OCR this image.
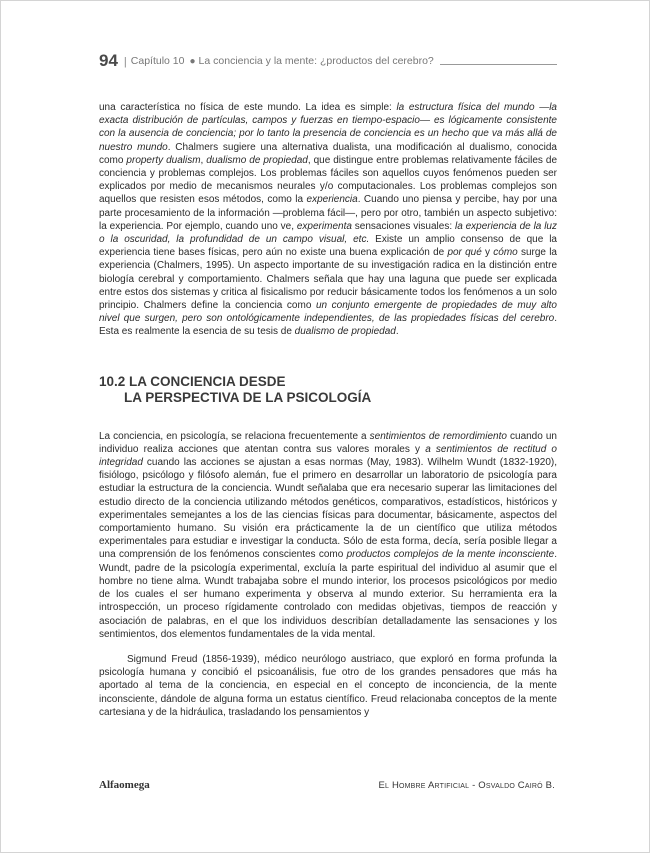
94 | Capítulo 10 ● La conciencia y la mente: ¿productos del cerebro?

una característica no física de este mundo. La idea es simple: la estructura física del mundo —la exacta distribución de partículas, campos y fuerzas en tiempo-espacio— es lógicamente consistente con la ausencia de conciencia; por lo tanto la presencia de conciencia es un hecho que va más allá de nuestro mundo. Chalmers sugiere una alternativa dualista, una modificación al dualismo, conocida como property dualism, dualismo de propiedad, que distingue entre problemas relativamente fáciles de conciencia y problemas complejos. Los problemas fáciles son aquellos cuyos fenómenos pueden ser explicados por medio de mecanismos neurales y/o computacionales. Los problemas complejos son aquellos que resisten esos métodos, como la experiencia. Cuando uno piensa y percibe, hay por una parte procesamiento de la información —problema fácil—, pero por otro, también un aspecto subjetivo: la experiencia. Por ejemplo, cuando uno ve, experimenta sensaciones visuales: la experiencia de la luz o la oscuridad, la profundidad de un campo visual, etc. Existe un amplio consenso de que la experiencia tiene bases físicas, pero aún no existe una buena explicación de por qué y cómo surge la experiencia (Chalmers, 1995). Un aspecto importante de su investigación radica en la distinción entre biología cerebral y comportamiento. Chalmers señala que hay una laguna que puede ser explicada entre estos dos sistemas y critica al fisicalismo por reducir básicamente todos los fenómenos a un solo principio. Chalmers define la conciencia como un conjunto emergente de propiedades de muy alto nivel que surgen, pero son ontológicamente independientes, de las propiedades físicas del cerebro. Esta es realmente la esencia de su tesis de dualismo de propiedad.

10.2 LA CONCIENCIA DESDE
LA PERSPECTIVA DE LA PSICOLOGÍA

La conciencia, en psicología, se relaciona frecuentemente a sentimientos de remordimiento cuando un individuo realiza acciones que atentan contra sus valores morales y a sentimientos de rectitud o integridad cuando las acciones se ajustan a esas normas (May, 1983). Wilhelm Wundt (1832-1920), fisiólogo, psicólogo y filósofo alemán, fue el primero en desarrollar un laboratorio de psicología para estudiar la estructura de la conciencia. Wundt señalaba que era necesario superar las limitaciones del estudio directo de la conciencia utilizando métodos genéticos, comparativos, estadísticos, históricos y experimentales semejantes a los de las ciencias físicas para documentar, básicamente, aspectos del comportamiento humano. Su visión era prácticamente la de un científico que utiliza métodos experimentales para estudiar e investigar la conducta. Sólo de esta forma, decía, sería posible llegar a una comprensión de los fenómenos conscientes como productos complejos de la mente inconsciente. Wundt, padre de la psicología experimental, excluía la parte espiritual del individuo al asumir que el hombre no tiene alma. Wundt trabajaba sobre el mundo interior, los procesos psicológicos por medio de los cuales el ser humano experimenta y observa al mundo exterior. Su herramienta era la introspección, un proceso rígidamente controlado con medidas objetivas, tiempos de reacción y asociación de palabras, en el que los individuos describían detalladamente las sensaciones y los sentimientos, dos elementos fundamentales de la vida mental.

Sigmund Freud (1856-1939), médico neurólogo austriaco, que exploró en forma profunda la psicología humana y concibió el psicoanálisis, fue otro de los grandes pensadores que más ha aportado al tema de la conciencia, en especial en el concepto de inconciencia, de la mente inconsciente, dándole de alguna forma un estatus científico. Freud relacionaba conceptos de la mente cartesiana y de la hidráulica, trasladando los pensamientos y

Alfaomega	El Hombre Artificial - Osvaldo Cairó B.
